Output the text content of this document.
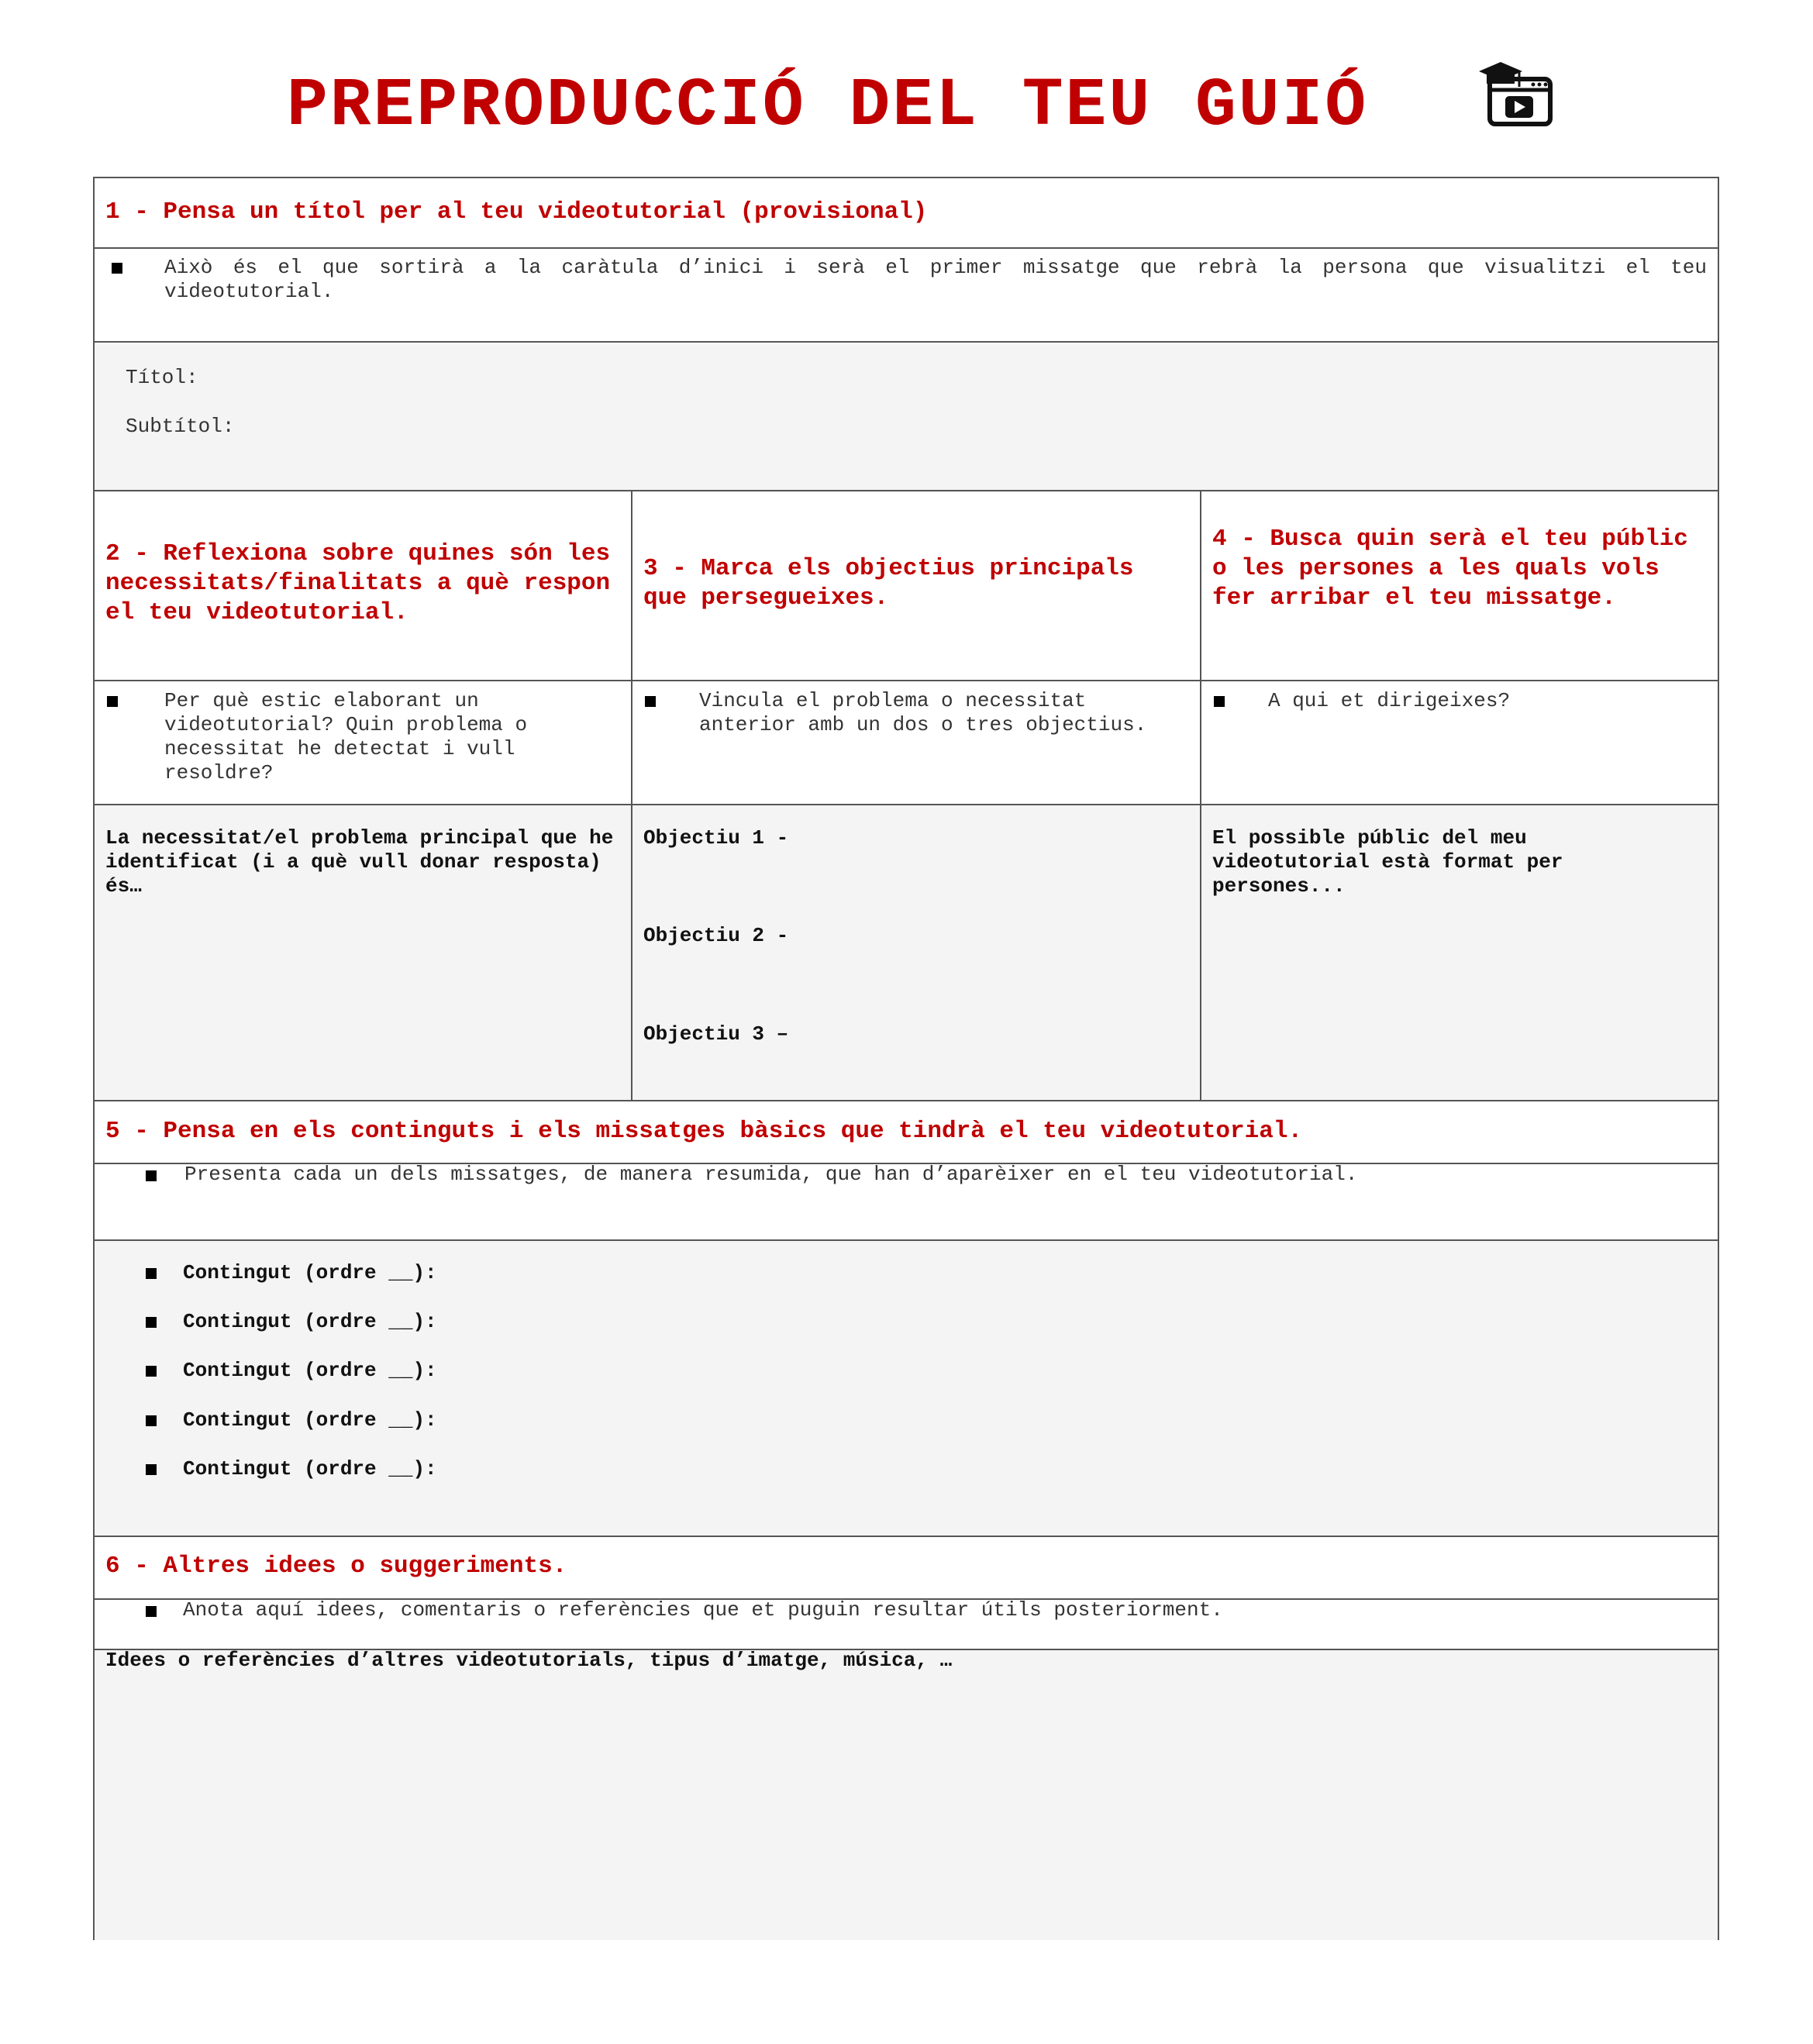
PREPRODUCCIÓ DEL TEU GUIÓ
1 - Pensa un títol per al teu videotutorial (provisional)
Això és el que sortirà a la caràtula d’inici i serà el primer missatge que rebrà la persona que visualitzi el teu videotutorial.
Títol:
Subtítol:
2 - Reflexiona sobre quines són les necessitats/finalitats a què respon el teu videotutorial.
Per què estic elaborant un videotutorial? Quin problema o necessitat he detectat i vull resoldre?
La necessitat/el problema principal que he identificat (i a què vull donar resposta) és…
3 - Marca els objectius principals que persegueixes.
Vincula el problema o necessitat anterior amb un dos o tres objectius.
Objectiu 1 -
Objectiu 2 -
Objectiu 3 –
4 - Busca quin serà el teu públic o les persones a les quals vols fer arribar el teu missatge.
A qui et dirigeixes?
El possible públic del meu videotutorial està format per persones...
5 - Pensa en els continguts i els missatges bàsics que tindrà el teu videotutorial.
Presenta cada un dels missatges, de manera resumida, que han d’aparèixer en el teu videotutorial.
Contingut (ordre __):
Contingut (ordre __):
Contingut (ordre __):
Contingut (ordre __):
Contingut (ordre __):
6 - Altres idees o suggeriments.
Anota aquí idees, comentaris o referències que et puguin resultar útils posteriorment.
Idees o referències d’altres videotutorials, tipus d’imatge, música, …
